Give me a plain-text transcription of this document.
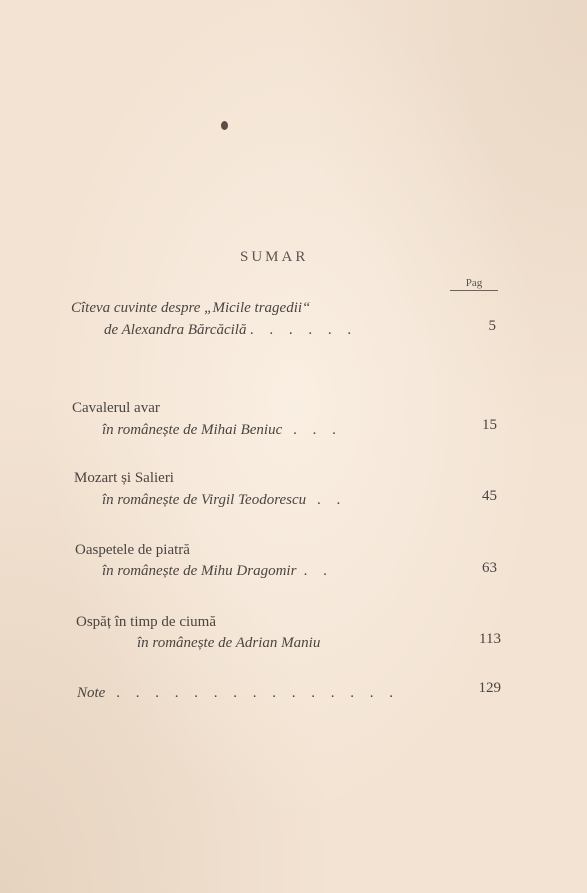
SUMAR
Pag
Cîteva cuvinte despre „Micile tragedii“
de Alexandra Bărcăcilă . . . . . .	5
Cavalerul avar
în românește de Mihai Beniuc . . .	15
Mozart și Salieri
în românește de Virgil Teodorescu . .	45
Oaspetele de piatră
în românește de Mihu Dragomir . .	63
Ospăț în timp de ciumă
în românește de Adrian Maniu	113
Note . . . . . . . . . . . . . . .	129
